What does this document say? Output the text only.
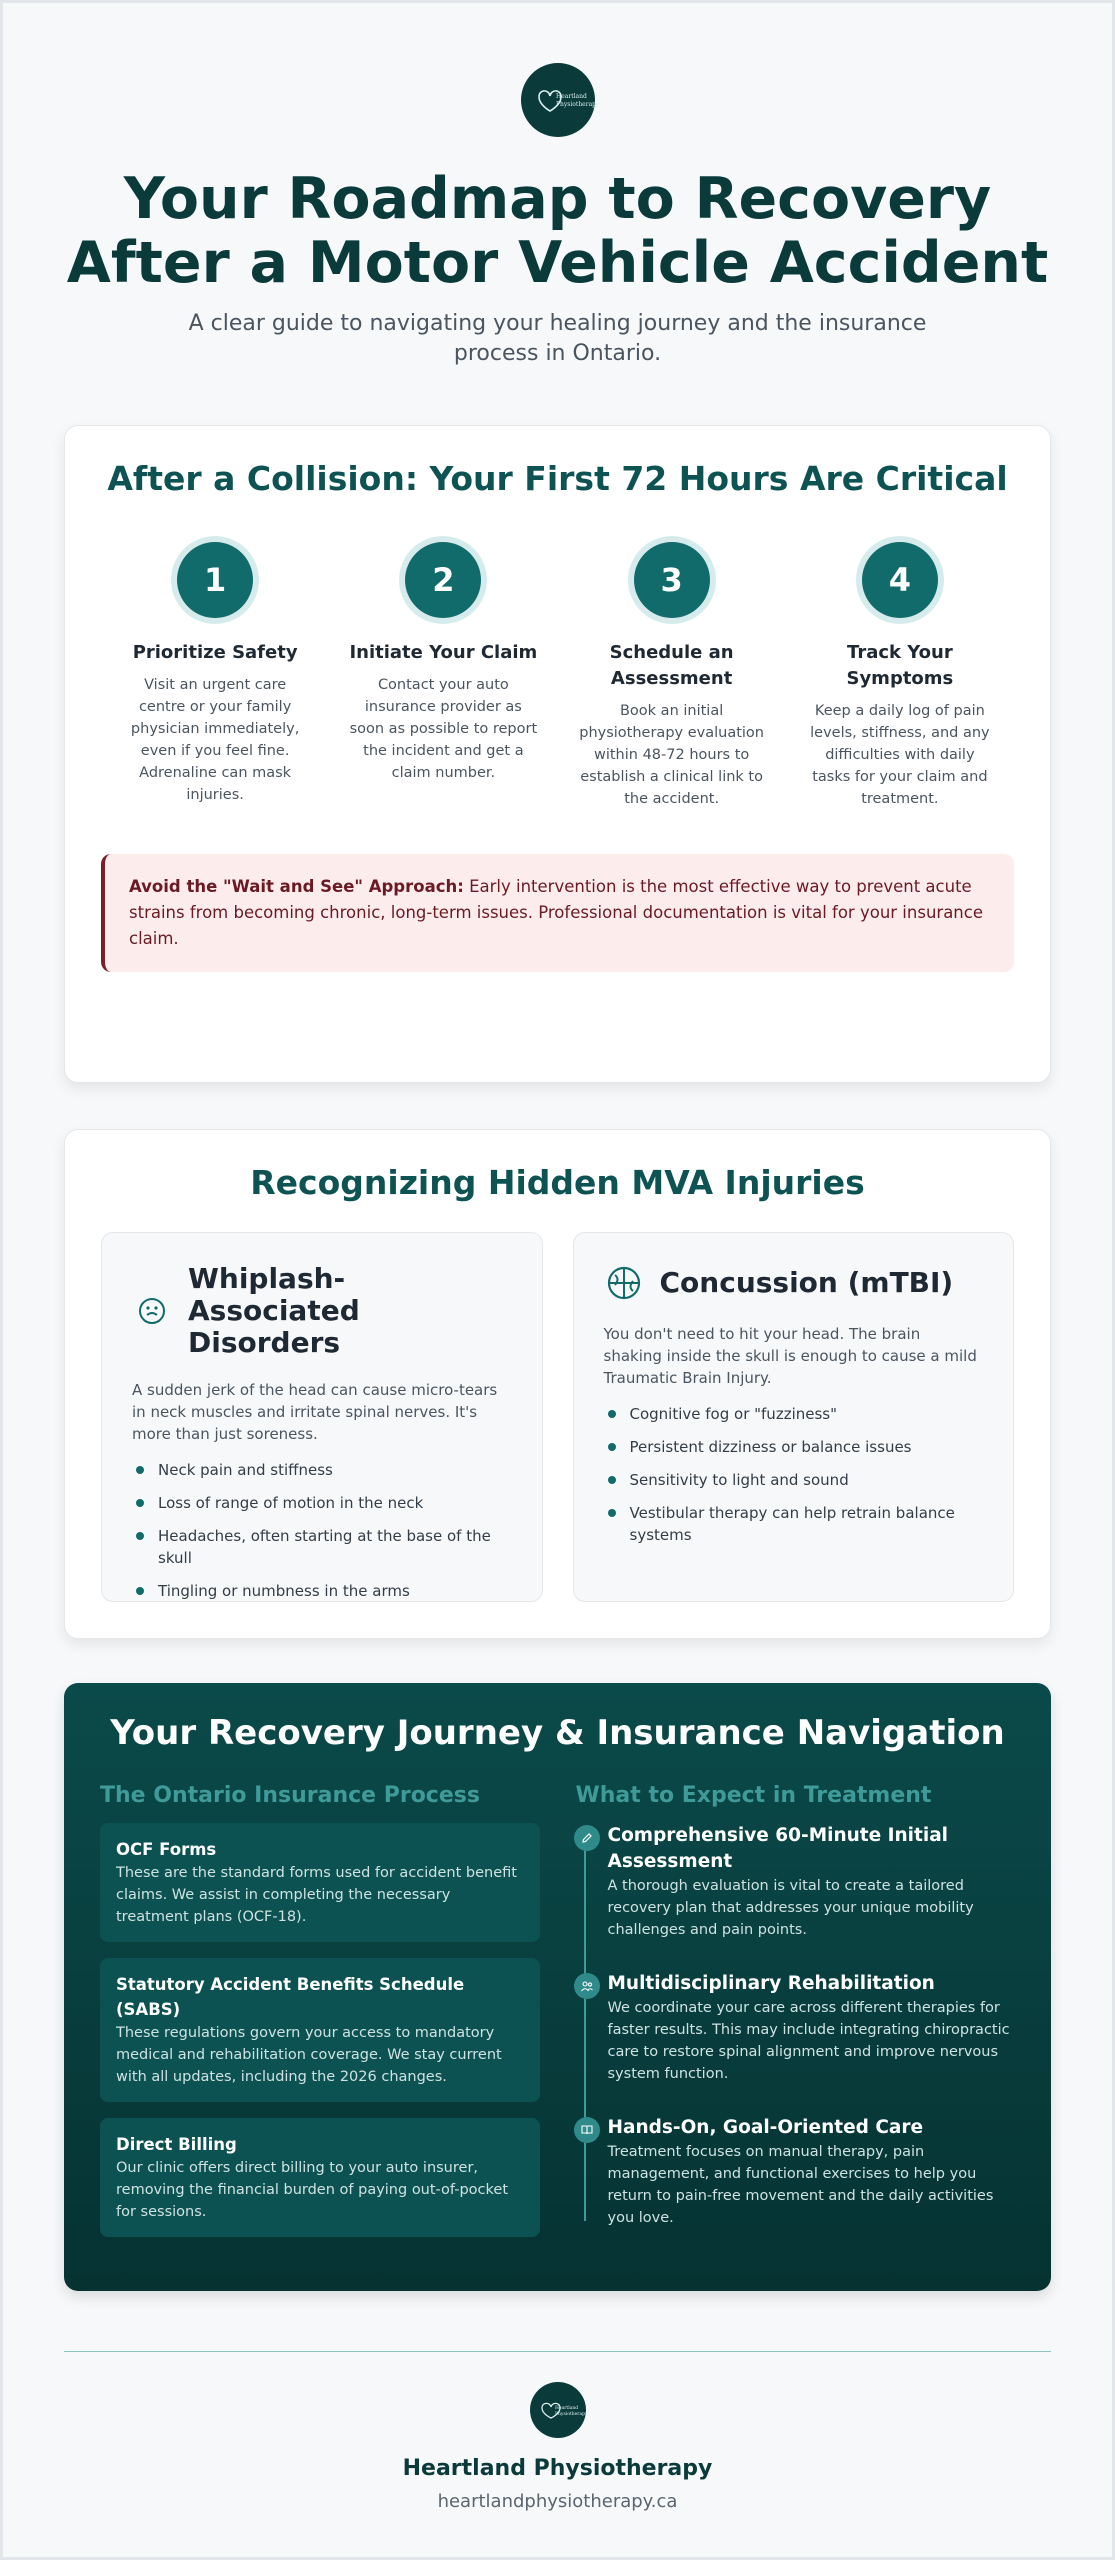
Heartland
Physiotherapy
Your Roadmap to Recovery After a Motor Vehicle Accident

A clear guide to navigating your healing journey and the insurance process in Ontario.

After a Collision: Your First 72 Hours Are Critical
1
Prioritize Safety
Visit an urgent care centre or your family physician immediately, even if you feel fine. Adrenaline can mask injuries.
2
Initiate Your Claim
Contact your auto insurance provider as soon as possible to report the incident and get a claim number.
3
Schedule an Assessment
Book an initial physiotherapy evaluation within 48-72 hours to establish a clinical link to the accident.
4
Track Your Symptoms
Keep a daily log of pain levels, stiffness, and any difficulties with daily tasks for your claim and treatment.
Avoid the "Wait and See" Approach: Early intervention is the most effective way to prevent acute strains from becoming chronic, long-term issues. Professional documentation is vital for your insurance claim.
Recognizing Hidden MVA Injuries
Whiplash-Associated Disorders
A sudden jerk of the head can cause micro-tears in neck muscles and irritate spinal nerves. It's more than just soreness.
Neck pain and stiffness
Loss of range of motion in the neck
Headaches, often starting at the base of the skull
Tingling or numbness in the arms
Concussion (mTBI)
You don't need to hit your head. The brain shaking inside the skull is enough to cause a mild Traumatic Brain Injury.
Cognitive fog or "fuzziness"
Persistent dizziness or balance issues
Sensitivity to light and sound
Vestibular therapy can help retrain balance systems
Your Recovery Journey & Insurance Navigation
The Ontario Insurance Process
OCF Forms
These are the standard forms used for accident benefit claims. We assist in completing the necessary treatment plans (OCF-18).
Statutory Accident Benefits Schedule (SABS)
These regulations govern your access to mandatory medical and rehabilitation coverage. We stay current with all updates, including the 2026 changes.
Direct Billing
Our clinic offers direct billing to your auto insurer, removing the financial burden of paying out-of-pocket for sessions.
What to Expect in Treatment
Comprehensive 60-Minute Initial Assessment
A thorough evaluation is vital to create a tailored recovery plan that addresses your unique mobility challenges and pain points.
Multidisciplinary Rehabilitation
We coordinate your care across different therapies for faster results. This may include integrating chiropractic care to restore spinal alignment and improve nervous system function.
Hands-On, Goal-Oriented Care
Treatment focuses on manual therapy, pain management, and functional exercises to help you return to pain-free movement and the daily activities you love.
Heartland
Physiotherapy
Heartland Physiotherapy
heartlandphysiotherapy.ca
